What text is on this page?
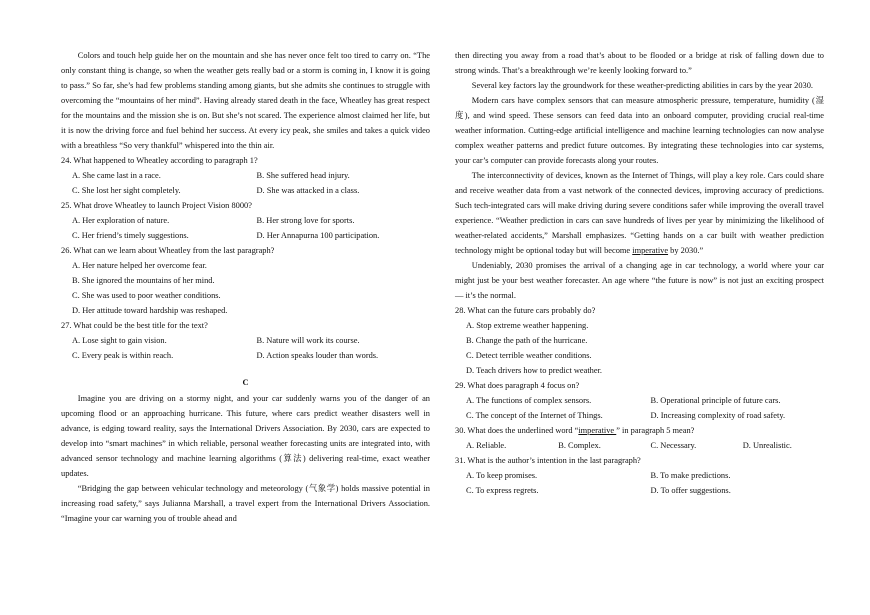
Colors and touch help guide her on the mountain and she has never once felt too tired to carry on. “The only constant thing is change, so when the weather gets really bad or a storm is coming in, I know it is going to pass.” So far, she’s had few problems standing among giants, but she admits she continues to struggle with overcoming the “mountains of her mind”. Having already stared death in the face, Wheatley has great respect for the mountains and the mission she is on. But she’s not scared. The experience almost claimed her life, but it is now the driving force and fuel behind her success. At every icy peak, she smiles and takes a quick video with a breathless “So very thankful” whispered into the thin air.

24. What happened to Wheatley according to paragraph 1?
A. She came last in a race.	B. She suffered head injury.
C. She lost her sight completely.	D. She was attacked in a class.
25. What drove Wheatley to launch Project Vision 8000?
A. Her exploration of nature.	B. Her strong love for sports.
C. Her friend’s timely suggestions.	D. Her Annapurna 100 participation.
26. What can we learn about Wheatley from the last paragraph?
A. Her nature helped her overcome fear.
B. She ignored the mountains of her mind.
C. She was used to poor weather conditions.
D. Her attitude toward hardship was reshaped.
27. What could be the best title for the text?
A. Lose sight to gain vision.	B. Nature will work its course.
C. Every peak is within reach.	D. Action speaks louder than words.
C

Imagine you are driving on a stormy night, and your car suddenly warns you of the danger of an upcoming flood or an approaching hurricane. This future, where cars predict weather disasters well in advance, is edging toward reality, says the International Drivers Association. By 2030, cars are expected to develop into “smart machines” in which reliable, personal weather forecasting units are integrated into, with advanced sensor technology and machine learning algorithms (算法) delivering real-time, exact weather updates.

“Bridging the gap between vehicular technology and meteorology (气象学) holds massive potential in increasing road safety,” says Julianna Marshall, a travel expert from the International Drivers Association. “Imagine your car warning you of trouble ahead and

then directing you away from a road that’s about to be flooded or a bridge at risk of falling down due to strong winds. That’s a breakthrough we’re keenly looking forward to.”

Several key factors lay the groundwork for these weather-predicting abilities in cars by the year 2030.

Modern cars have complex sensors that can measure atmospheric pressure, temperature, humidity (湿度), and wind speed. These sensors can feed data into an onboard computer, providing crucial real-time weather information. Cutting-edge artificial intelligence and machine learning technologies can now analyse complex weather patterns and predict future outcomes. By integrating these technologies into car systems, your car’s computer can provide forecasts along your routes.

The interconnectivity of devices, known as the Internet of Things, will play a key role. Cars could share and receive weather data from a vast network of the connected devices, improving accuracy of predictions. Such tech-integrated cars will make driving during severe conditions safer while improving the overall travel experience. “Weather prediction in cars can save hundreds of lives per year by minimizing the likelihood of weather-related accidents,” Marshall emphasizes. “Getting hands on a car built with weather prediction technology might be optional today but will become imperative by 2030.”

Undeniably, 2030 promises the arrival of a changing age in car technology, a world where your car might just be your best weather forecaster. An age where “the future is now” is not just an exciting prospect — it’s the normal.

28. What can the future cars probably do?
A. Stop extreme weather happening.
B. Change the path of the hurricane.
C. Detect terrible weather conditions.
D. Teach drivers how to predict weather.
29. What does paragraph 4 focus on?
A. The functions of complex sensors.	B. Operational principle of future cars.
C. The concept of the Internet of Things.	D. Increasing complexity of road safety.
30. What does the underlined word “imperative ” in paragraph 5 mean?
A. Reliable.	B. Complex.	C. Necessary.	D. Unrealistic.
31. What is the author’s intention in the last paragraph?
A. To keep promises.	B. To make predictions.
C. To express regrets.	D. To offer suggestions.
